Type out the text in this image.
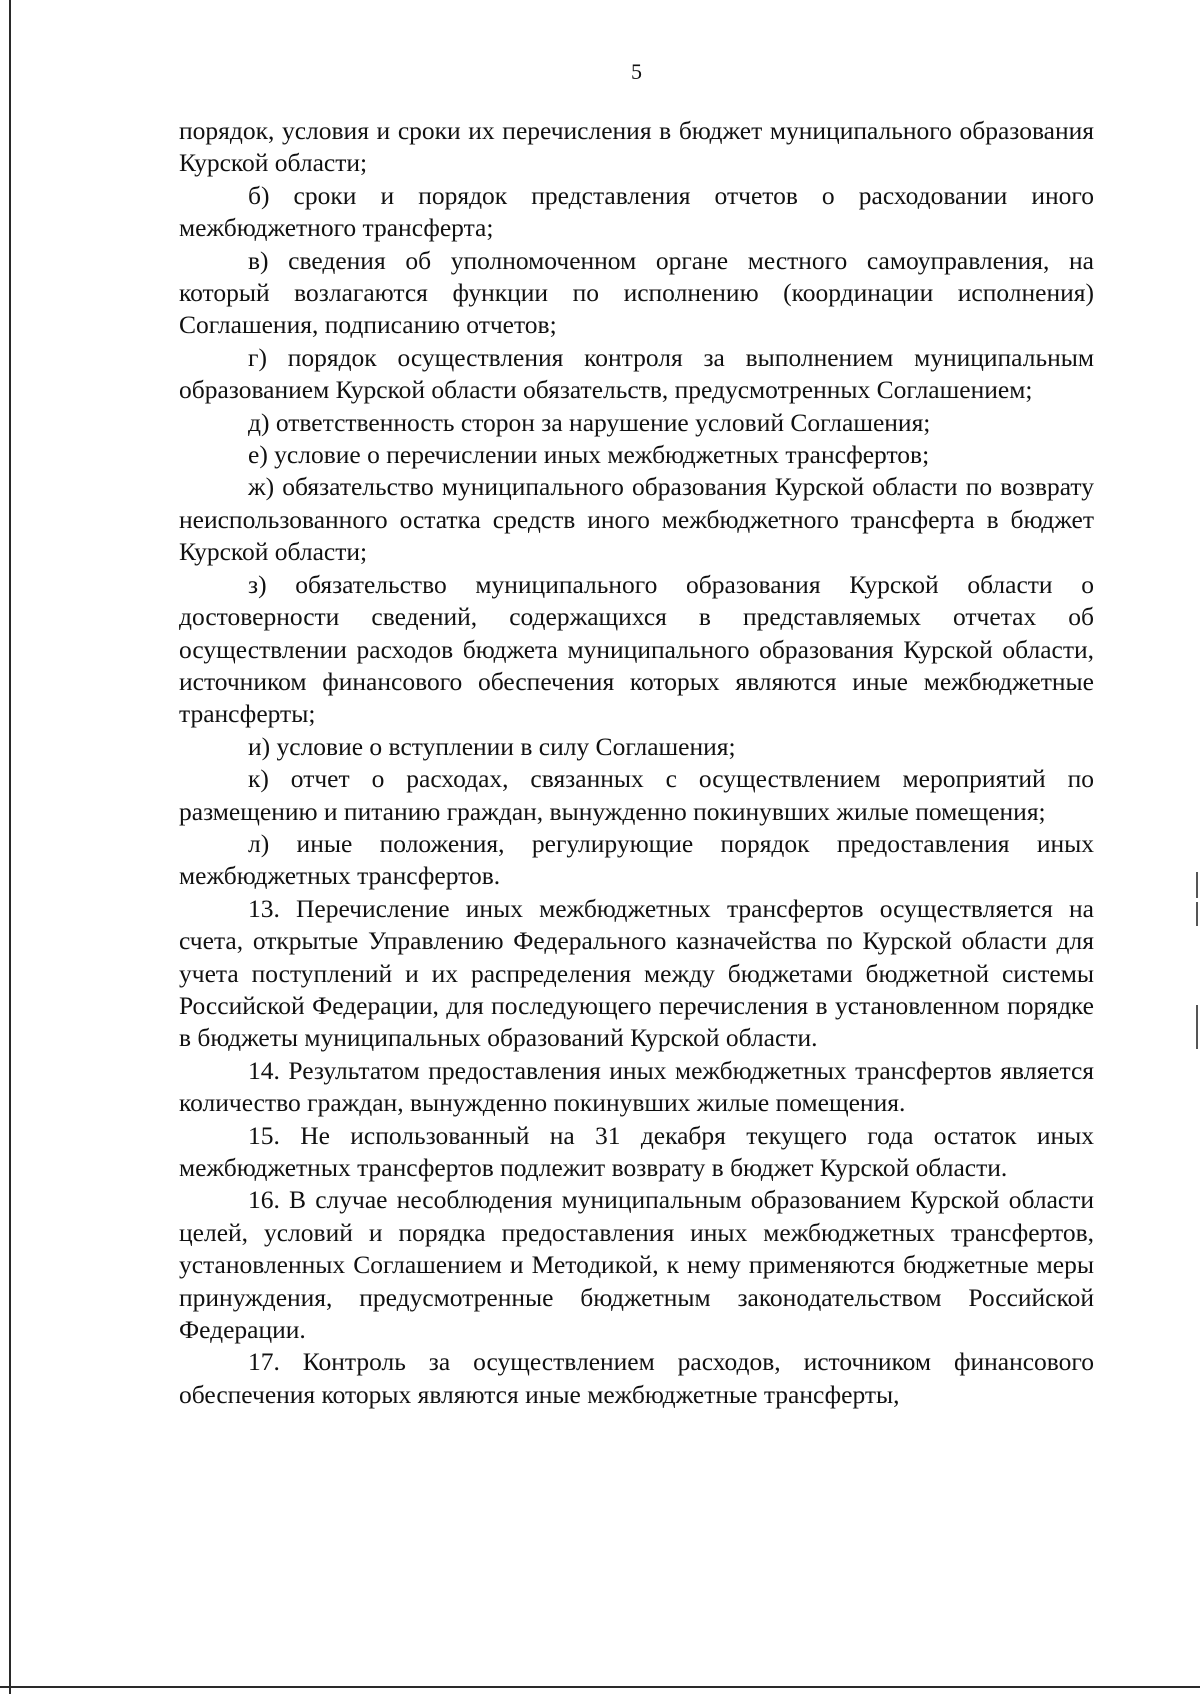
5

порядок, условия и сроки их перечисления в бюджет муниципального образования Курской области;

б) сроки и порядок представления отчетов о расходовании иного межбюджетного трансферта;

в) сведения об уполномоченном органе местного самоуправления, на который возлагаются функции по исполнению (координации исполнения) Соглашения, подписанию отчетов;

г) порядок осуществления контроля за выполнением муниципальным образованием Курской области обязательств, предусмотренных Соглашением;

д) ответственность сторон за нарушение условий Соглашения;

е) условие о перечислении иных межбюджетных трансфертов;

ж) обязательство муниципального образования Курской области по возврату неиспользованного остатка средств иного межбюджетного трансферта в бюджет Курской области;

з) обязательство муниципального образования Курской области о достоверности сведений, содержащихся в представляемых отчетах об осуществлении расходов бюджета муниципального образования Курской области, источником финансового обеспечения которых являются иные межбюджетные трансферты;

и) условие о вступлении в силу Соглашения;

к) отчет о расходах, связанных с осуществлением мероприятий по размещению и питанию граждан, вынужденно покинувших жилые помещения;

л) иные положения, регулирующие порядок предоставления иных межбюджетных трансфертов.

13. Перечисление иных межбюджетных трансфертов осуществляется на счета, открытые Управлению Федерального казначейства по Курской области для учета поступлений и их распределения между бюджетами бюджетной системы Российской Федерации, для последующего перечисления в установленном порядке в бюджеты муниципальных образований Курской области.

14. Результатом предоставления иных межбюджетных трансфертов является количество граждан, вынужденно покинувших жилые помещения.

15. Не использованный на 31 декабря текущего года остаток иных межбюджетных трансфертов подлежит возврату в бюджет Курской области.

16. В случае несоблюдения муниципальным образованием Курской области целей, условий и порядка предоставления иных межбюджетных трансфертов, установленных Соглашением и Методикой, к нему применяются бюджетные меры принуждения, предусмотренные бюджетным законодательством Российской Федерации.

17. Контроль за осуществлением расходов, источником финансового обеспечения которых являются иные межбюджетные трансферты,
